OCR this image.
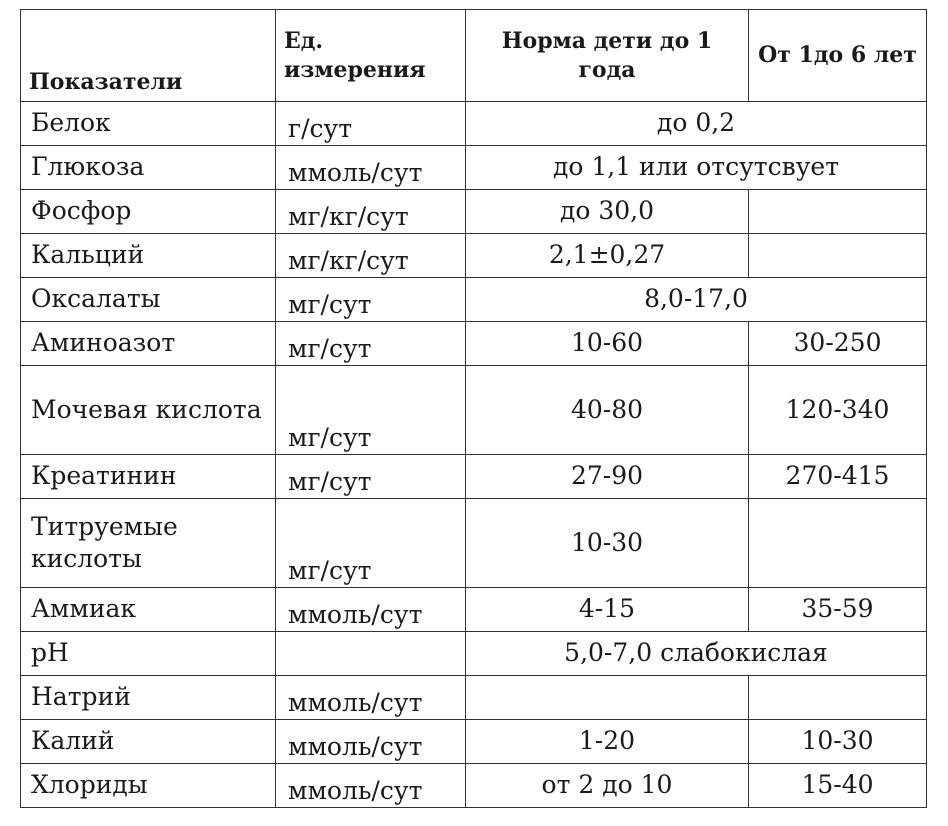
Показатели	Ед. измерения	Норма дети до 1 года	От 1до 6 лет
Белок	г/сут	до 0,2	
Глюкоза	ммоль/сут	до 1,1 или отсутсвует	
Фосфор	мг/кг/сут	до 30,0	
Кальций	мг/кг/сут	2,1±0,27	
Оксалаты	мг/сут	8,0-17,0	
Аминоазот	мг/сут	10-60	30-250
Мочевая кислота	мг/сут	40-80	120-340
Креатинин	мг/сут	27-90	270-415
Титруемые кислоты	мг/сут	10-30	
Аммиак	ммоль/сут	4-15	35-59
pH		5,0-7,0 слабокислая	
Натрий	ммоль/сут		
Калий	ммоль/сут	1-20	10-30
Хлориды	ммоль/сут	от 2 до 10	15-40
